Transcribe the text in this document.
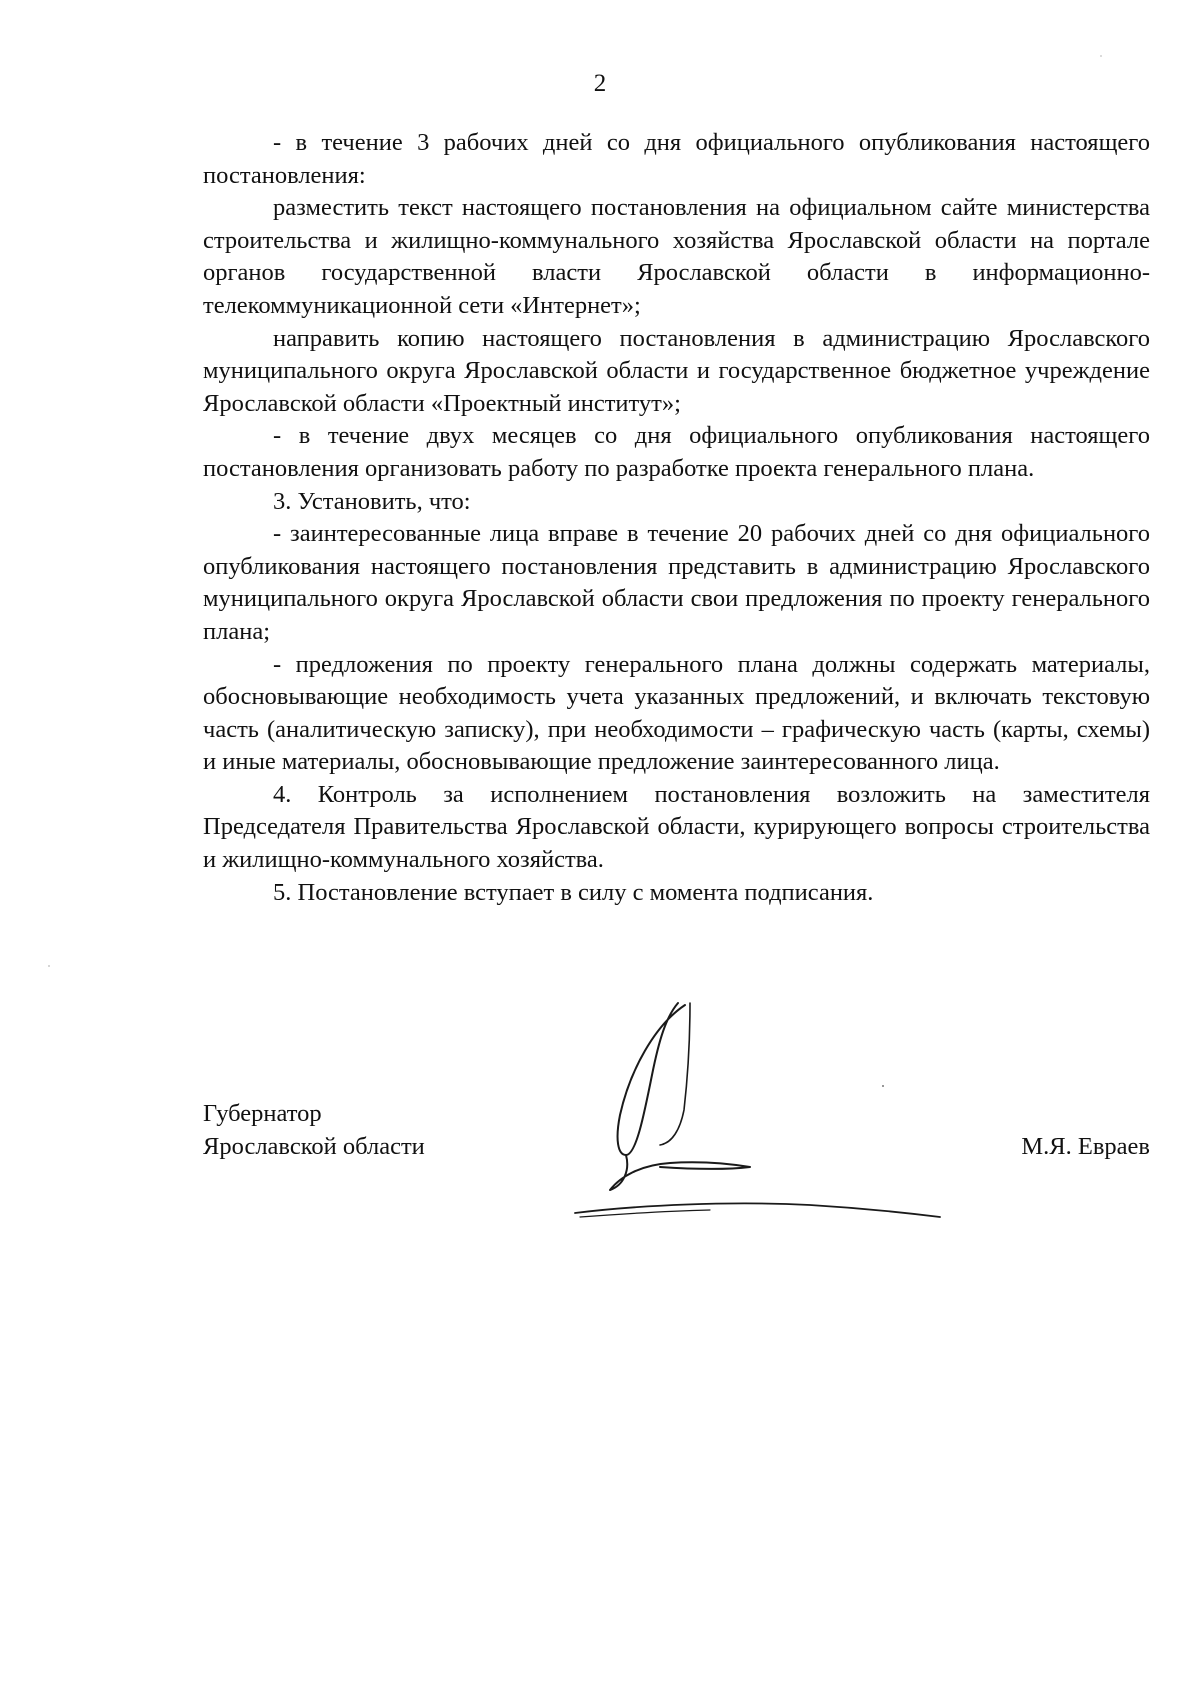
2

- в течение 3 рабочих дней со дня официального опубликования настоящего постановления:

разместить текст настоящего постановления на официальном сайте министерства строительства и жилищно-коммунального хозяйства Ярославской области на портале органов государственной власти Ярославской области в информационно-телекоммуникационной сети «Интернет»;

направить копию настоящего постановления в администрацию Ярославского муниципального округа Ярославской области и государственное бюджетное учреждение Ярославской области «Проектный институт»;

- в течение двух месяцев со дня официального опубликования настоящего постановления организовать работу по разработке проекта генерального плана.

3. Установить, что:

- заинтересованные лица вправе в течение 20 рабочих дней со дня официального опубликования настоящего постановления представить в администрацию Ярославского муниципального округа Ярославской области свои предложения по проекту генерального плана;

- предложения по проекту генерального плана должны содержать материалы, обосновывающие необходимость учета указанных предложений, и включать текстовую часть (аналитическую записку), при необходимости – графическую часть (карты, схемы) и иные материалы, обосновывающие предложение заинтересованного лица.

4. Контроль за исполнением постановления возложить на заместителя Председателя Правительства Ярославской области, курирующего вопросы строительства и жилищно-коммунального хозяйства.

5. Постановление вступает в силу с момента подписания.

Губернатор
Ярославской области	М.Я. Евраев
